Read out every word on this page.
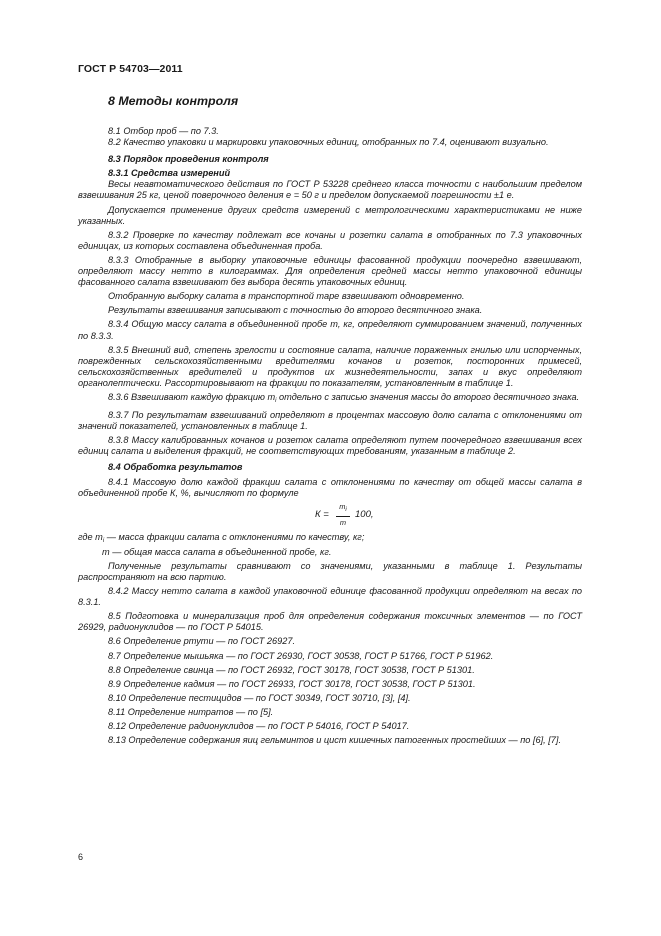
ГОСТ Р 54703—2011
8 Методы контроля

8.1 Отбор проб — по 7.3.

8.2 Качество упаковки и маркировки упаковочных единиц, отобранных по 7.4, оценивают визуально.

8.3 Порядок проведения контроля

8.3.1 Средства измерений

Весы неавтоматического действия по ГОСТ Р 53228 среднего класса точности с наибольшим пределом взвешивания 25 кг, ценой поверочного деления е = 50 г и пределом допускаемой погрешности ±1 е.

Допускается применение других средств измерений с метрологическими характеристиками не ниже указанных.

8.3.2 Проверке по качеству подлежат все кочаны и розетки салата в отобранных по 7.3 упаковочных единицах, из которых составлена объединенная проба.

8.3.3 Отобранные в выборку упаковочные единицы фасованной продукции поочередно взвешивают, определяют массу нетто в килограммах. Для определения средней массы нетто упаковочной единицы фасованного салата взвешивают без выбора десять упаковочных единиц.

Отобранную выборку салата в транспортной таре взвешивают одновременно.

Результаты взвешивания записывают с точностью до второго десятичного знака.

8.3.4 Общую массу салата в объединенной пробе m, кг, определяют суммированием значений, полученных по 8.3.3.

8.3.5 Внешний вид, степень зрелости и состояние салата, наличие пораженных гнилью или испорченных, поврежденных сельскохозяйственными вредителями кочанов и розеток, посторонних примесей, сельскохозяйственных вредителей и продуктов их жизнедеятельности, запах и вкус определяют органолептически. Рассортировывают на фракции по показателям, установленным в таблице 1.

8.3.6 Взвешивают каждую фракцию $m_i$ отдельно с записью значения массы до второго десятичного знака.

8.3.7 По результатам взвешиваний определяют в процентах массовую долю салата с отклонениями от значений показателей, установленных в таблице 1.

8.3.8 Массу калиброванных кочанов и розеток салата определяют путем поочередного взвешивания всех единиц салата и выделения фракций, не соответствующих требованиям, указанным в таблице 2.

8.4 Обработка результатов

8.4.1 Массовую долю каждой фракции салата с отклонениями по качеству от общей массы салата в объединенной пробе К, %, вычисляют по формуле

К =
$m_i$
m
100,

где $m_i$ — масса фракции салата с отклонениями по качеству, кг;

m — общая масса салата в объединенной пробе, кг.

Полученные результаты сравнивают со значениями, указанными в таблице 1. Результаты распространяют на всю партию.

8.4.2 Массу нетто салата в каждой упаковочной единице фасованной продукции определяют на весах по 8.3.1.

8.5 Подготовка и минерализация проб для определения содержания токсичных элементов — по ГОСТ 26929, радионуклидов — по ГОСТ Р 54015.

8.6 Определение ртути — по ГОСТ 26927.

8.7 Определение мышьяка — по ГОСТ 26930, ГОСТ 30538, ГОСТ Р 51766, ГОСТ Р 51962.

8.8 Определение свинца — по ГОСТ 26932, ГОСТ 30178, ГОСТ 30538, ГОСТ Р 51301.

8.9 Определение кадмия — по ГОСТ 26933, ГОСТ 30178, ГОСТ 30538, ГОСТ Р 51301.

8.10 Определение пестицидов — по ГОСТ 30349, ГОСТ 30710, [3], [4].

8.11 Определение нитратов — по [5].

8.12 Определение радионуклидов — по ГОСТ Р 54016, ГОСТ Р 54017.

8.13 Определение содержания яиц гельминтов и цист кишечных патогенных простейших — по [6], [7].

6
